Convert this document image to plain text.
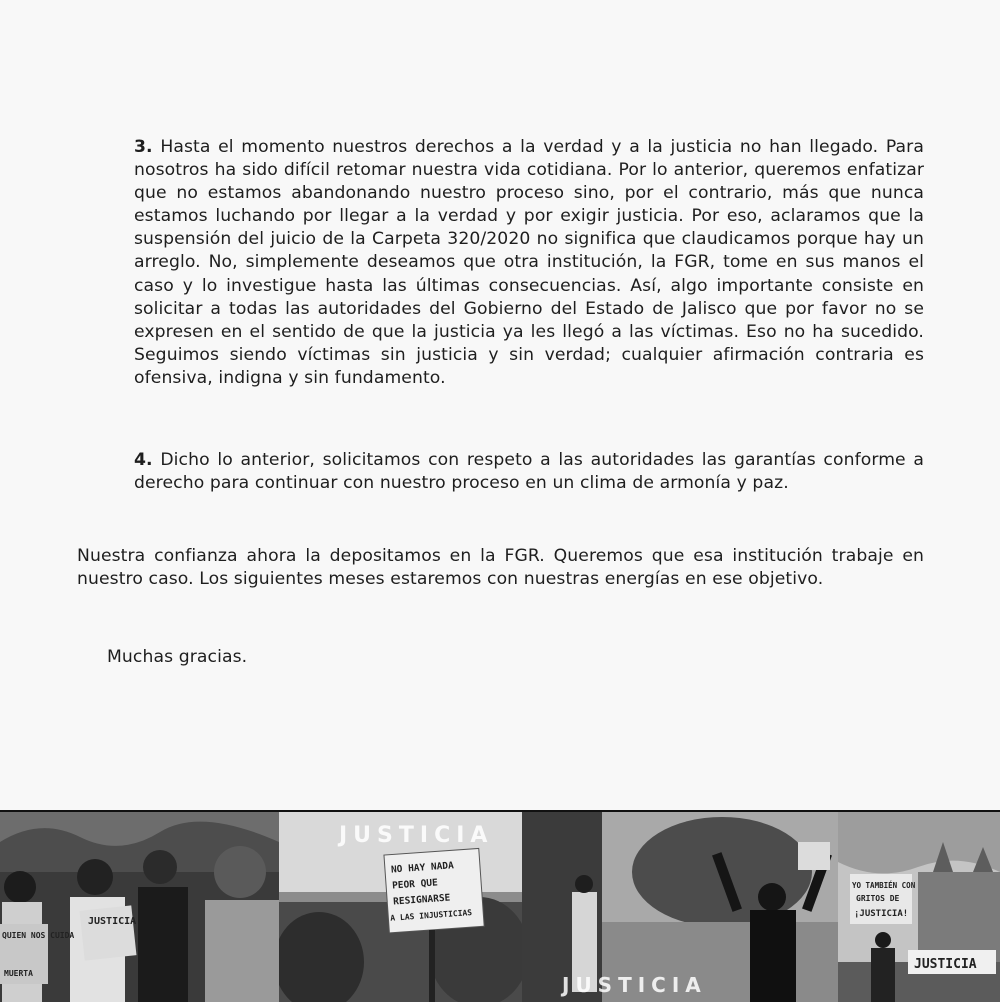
3. Hasta el momento nuestros derechos a la verdad y a la justicia no han llegado. Para nosotros ha sido difícil retomar nuestra vida cotidiana. Por lo anterior, queremos enfatizar que no estamos abandonando nuestro proceso sino, por el contrario, más que nunca estamos luchando por llegar a la verdad y por exigir justicia. Por eso, aclaramos que la suspensión del juicio de la Carpeta 320/2020 no significa que claudicamos porque hay un arreglo. No, simplemente deseamos que otra institución, la FGR, tome en sus manos el caso y lo investigue hasta las últimas consecuencias. Así, algo importante consiste en solicitar a todas las autoridades del Gobierno del Estado de Jalisco que por favor no se expresen en el sentido de que la justicia ya les llegó a las víctimas. Eso no ha sucedido. Seguimos siendo víctimas sin justicia y sin verdad; cualquier afirmación contraria es ofensiva, indigna y sin fundamento.

4. Dicho lo anterior, solicitamos con respeto a las autoridades las garantías conforme a derecho para continuar con nuestro proceso en un clima de armonía y paz.

Nuestra confianza ahora la depositamos en la FGR. Queremos que esa institución trabaje en nuestro caso. Los siguientes meses estaremos con nuestras energías en ese objetivo.

Muchas gracias.

JUSTICIA
QUIEN NOS CUIDA
MUERTA
JUSTICIA
NO HAY NADA
PEOR QUE
RESIGNARSE
A LAS INJUSTICIAS
JUSTICIA
YO TAMBIÉN CON
GRITOS DE
¡JUSTICIA!
JUSTICIA
